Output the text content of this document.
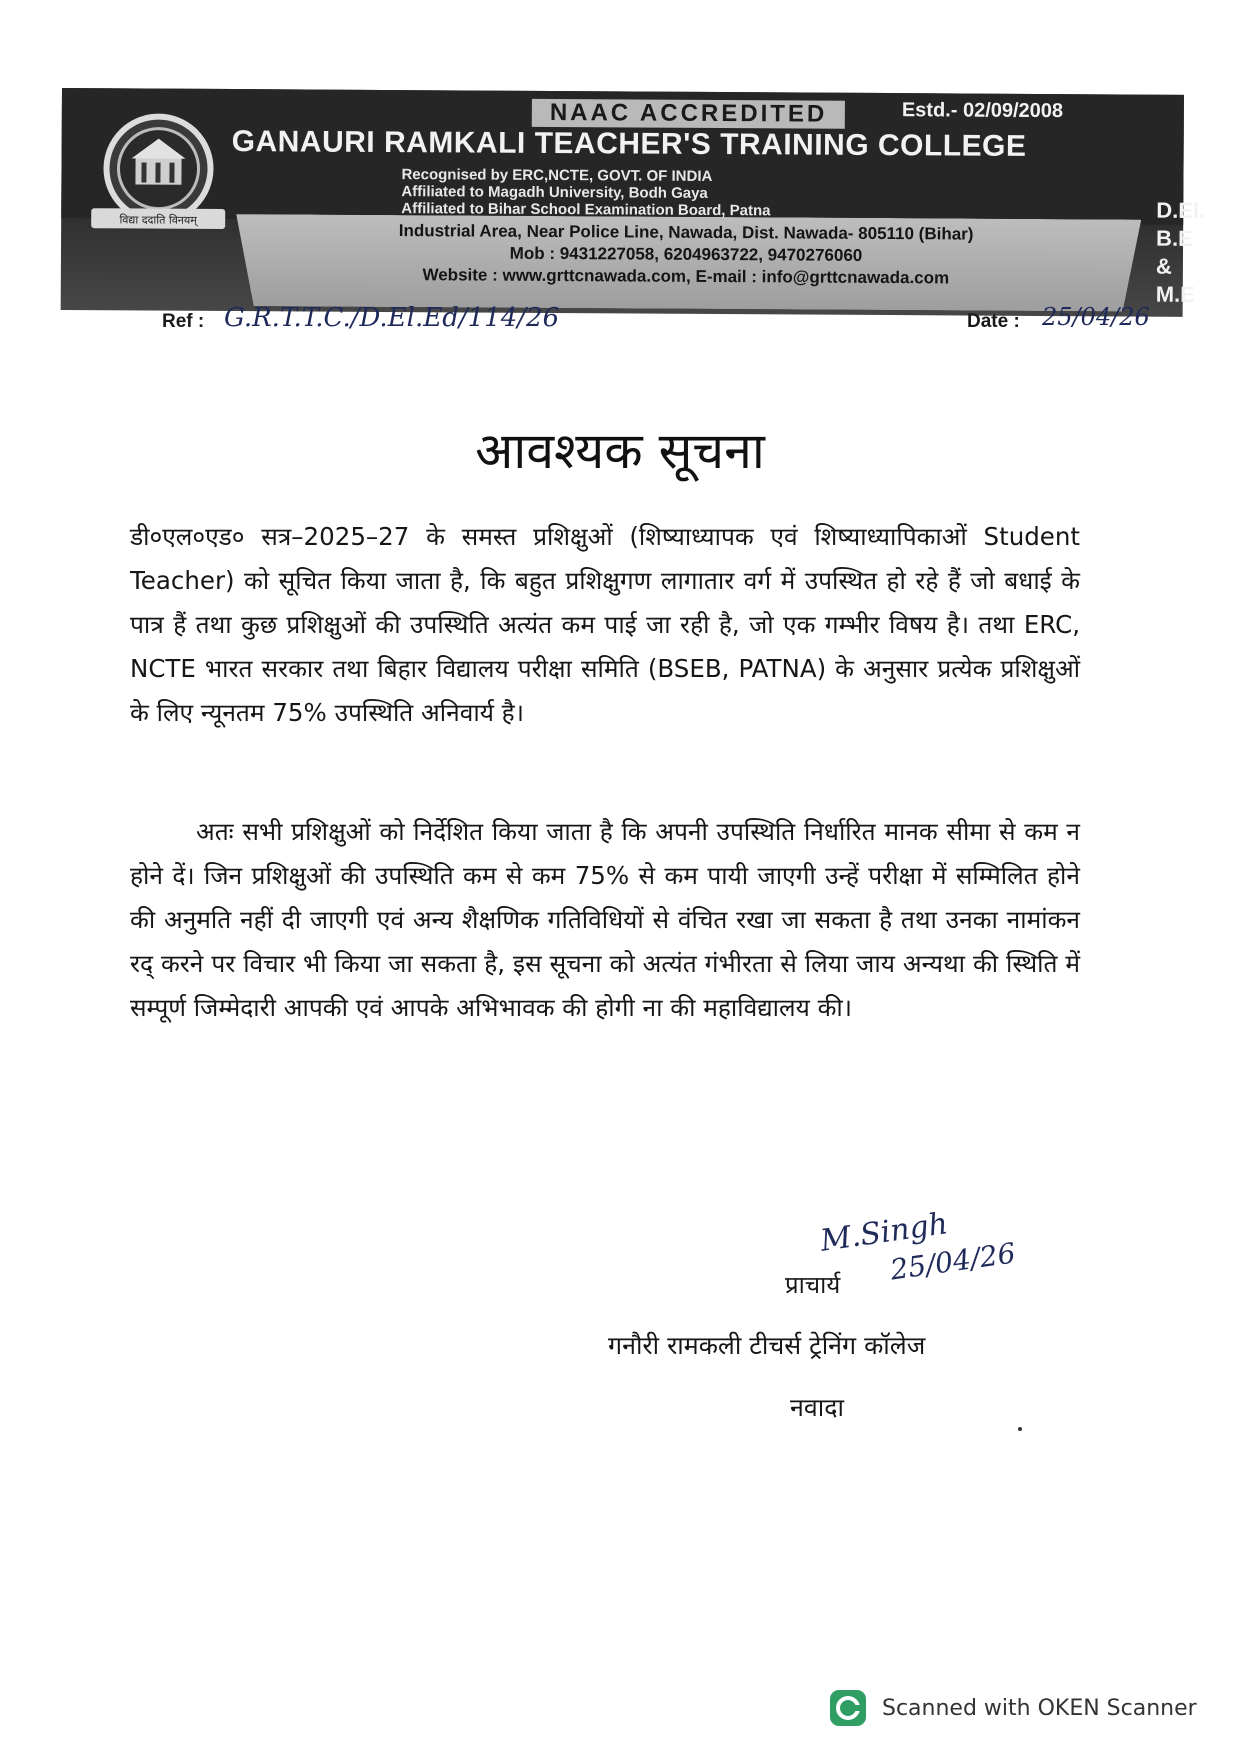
विद्या ददाति विनयम्
NAAC ACCREDITED	Estd.- 02/09/2008
GANAURI RAMKALI TEACHER'S TRAINING COLLEGE
Recognised by ERC,NCTE, GOVT. OF INDIA
Affiliated to Magadh University, Bodh Gaya
Affiliated to Bihar School Examination Board, Patna
Industrial Area, Near Police Line, Nawada, Dist. Nawada- 805110 (Bihar)
Mob : 9431227058, 6204963722, 9470276060
Website : www.grttcnawada.com, E-mail : info@grttcnawada.com
D.El.
B.E
&
M.E
Ref : G.R.T.T.C./D.El.Ed/114/26	Date : 25/04/26
आवश्यक सूचना

डी०एल०एड० सत्र–2025–27 के समस्त प्रशिक्षुओं (शिष्याध्यापक एवं शिष्याध्यापिकाओं Student Teacher) को सूचित किया जाता है, कि बहुत प्रशिक्षुगण लागातार वर्ग में उपस्थित हो रहे हैं जो बधाई के पात्र हैं तथा कुछ प्रशिक्षुओं की उपस्थिति अत्यंत कम पाई जा रही है, जो एक गम्भीर विषय है। तथा ERC, NCTE भारत सरकार तथा बिहार विद्यालय परीक्षा समिति (BSEB, PATNA) के अनुसार प्रत्येक प्रशिक्षुओं के लिए न्यूनतम 75% उपस्थिति अनिवार्य है।

अतः सभी प्रशिक्षुओं को निर्देशित किया जाता है कि अपनी उपस्थिति निर्धारित मानक सीमा से कम न होने दें। जिन प्रशिक्षुओं की उपस्थिति कम से कम 75% से कम पायी जाएगी उन्हें परीक्षा में सम्मिलित होने की अनुमति नहीं दी जाएगी एवं अन्य शैक्षणिक गतिविधियों से वंचित रखा जा सकता है तथा उनका नामांकन रद् करने पर विचार भी किया जा सकता है, इस सूचना को अत्यंत गंभीरता से लिया जाय अन्यथा की स्थिति में सम्पूर्ण जिम्मेदारी आपकी एवं आपके अभिभावक की होगी ना की महाविद्यालय की।

M.Singh
25/04/26
प्राचार्य
गनौरी रामकली टीचर्स ट्रेनिंग कॉलेज
नवादा
Scanned with OKEN Scanner
